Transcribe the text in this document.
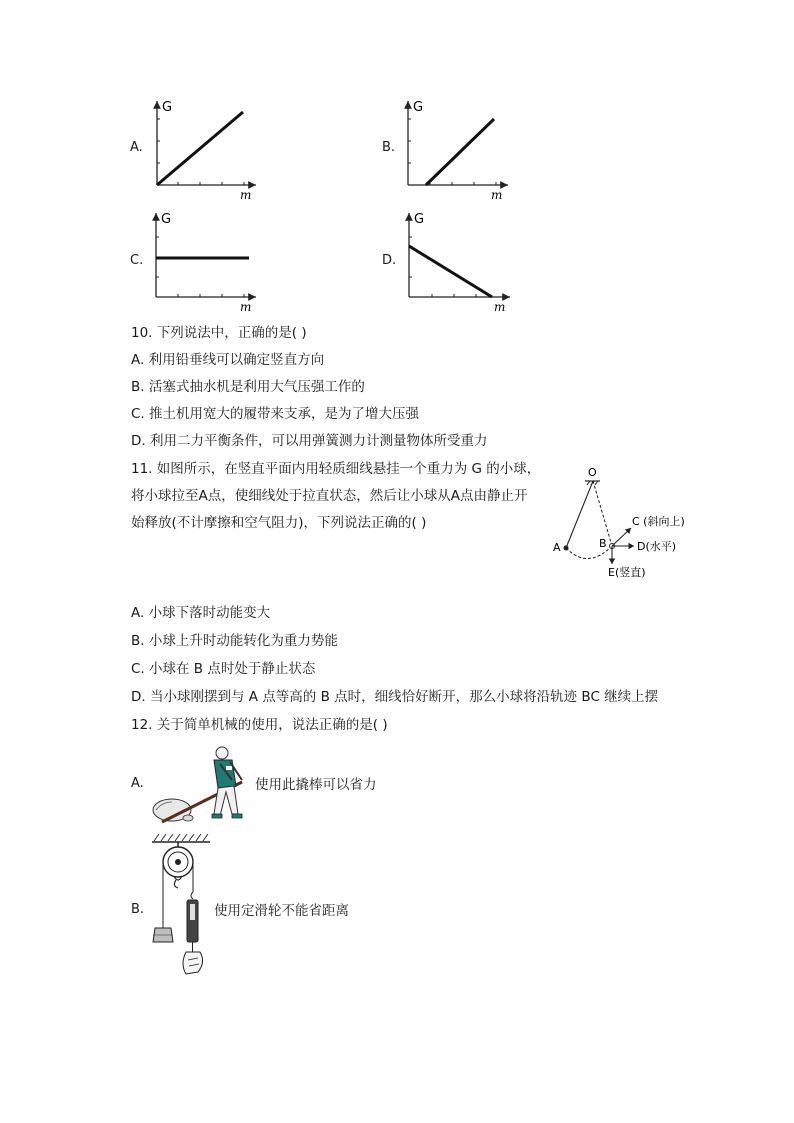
A.
G
m
B.
G
m
C.
G
m
D.
G
m
10. 下列说法中，正确的是( )
A. 利用铅垂线可以确定竖直方向
B. 活塞式抽水机是利用大气压强工作的
C. 推土机用宽大的履带来支承，是为了增大压强
D. 利用二力平衡条件，可以用弹簧测力计测量物体所受重力
11. 如图所示，在竖直平面内用轻质细线悬挂一个重力为 G 的小球，
将小球拉至A点，使细线处于拉直状态，然后让小球从A点由静止开
始释放(不计摩擦和空气阻力)，下列说法正确的( )
O
A	B
C (斜向上)
D(水平)
E(竖直)
A. 小球下落时动能变大
B. 小球上升时动能转化为重力势能
C. 小球在 B 点时处于静止状态
D. 当小球刚摆到与 A 点等高的 B 点时，细线恰好断开，那么小球将沿轨迹 BC 继续上摆
12. 关于简单机械的使用，说法正确的是( )
A.	使用此撬棒可以省力
B.	使用定滑轮不能省距离
